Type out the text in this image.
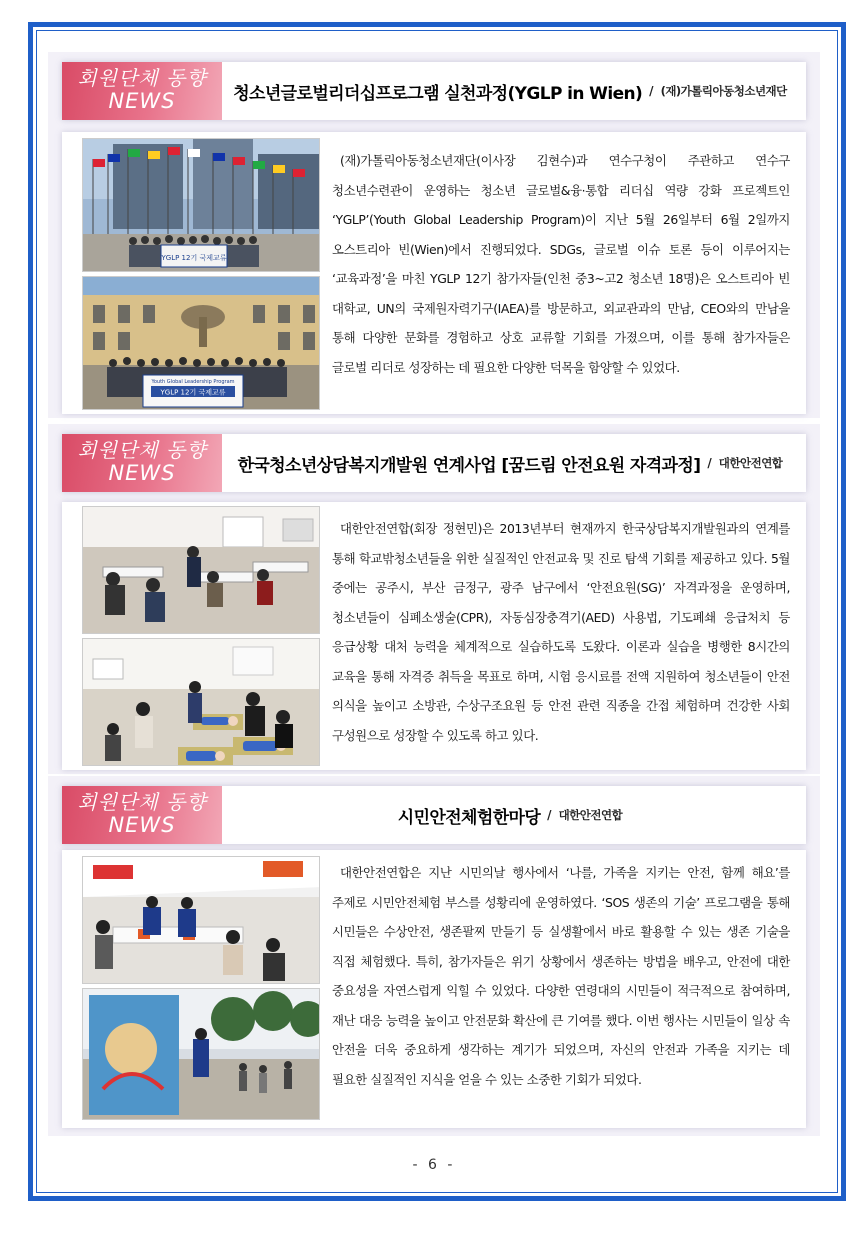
회원단체 동향
NEWS	청소년글로벌리더십프로그램 실천과정(YGLP in Wien) / (재)가톨릭아동청소년재단
YGLP 12기 국제교류
Youth Global Leadership Program
YGLP 12기 국제교류

(재)가톨릭아동청소년재단(이사장 김현수)과 연수구청이 주관하고 연수구 청소년수련관이 운영하는 청소년 글로벌&융·통합 리더십 역량 강화 프로젝트인 ‘YGLP’(Youth Global Leadership Program)이 지난 5월 26일부터 6월 2일까지 오스트리아 빈(Wien)에서 진행되었다. SDGs, 글로벌 이슈 토론 등이 이루어지는 ‘교육과정’을 마친 YGLP 12기 참가자들(인천 중3~고2 청소년 18명)은 오스트리아 빈 대학교, UN의 국제원자력기구(IAEA)를 방문하고, 외교관과의 만남, CEO와의 만남을 통해 다양한 문화를 경험하고 상호 교류할 기회를 가졌으며, 이를 통해 참가자들은 글로벌 리더로 성장하는 데 필요한 다양한 덕목을 함양할 수 있었다.

회원단체 동향
NEWS	한국청소년상담복지개발원 연계사업 [꿈드림 안전요원 자격과정] / 대한안전연합

대한안전연합(회장 정현민)은 2013년부터 현재까지 한국상담복지개발원과의 연계를 통해 학교밖청소년들을 위한 실질적인 안전교육 및 진로 탐색 기회를 제공하고 있다. 5월 중에는 공주시, 부산 금정구, 광주 남구에서 ‘안전요원(SG)’ 자격과정을 운영하며, 청소년들이 심폐소생술(CPR), 자동심장충격기(AED) 사용법, 기도폐쇄 응급처치 등 응급상황 대처 능력을 체계적으로 실습하도록 도왔다. 이론과 실습을 병행한 8시간의 교육을 통해 자격증 취득을 목표로 하며, 시험 응시료를 전액 지원하여 청소년들이 안전 의식을 높이고 소방관, 수상구조요원 등 안전 관련 직종을 간접 체험하며 건강한 사회 구성원으로 성장할 수 있도록 하고 있다.

회원단체 동향
NEWS	시민안전체험한마당 / 대한안전연합

대한안전연합은 지난 시민의날 행사에서 ‘나를, 가족을 지키는 안전, 함께 해요’를 주제로 시민안전체험 부스를 성황리에 운영하였다. ‘SOS 생존의 기술’ 프로그램을 통해 시민들은 수상안전, 생존팔찌 만들기 등 실생활에서 바로 활용할 수 있는 생존 기술을 직접 체험했다. 특히, 참가자들은 위기 상황에서 생존하는 방법을 배우고, 안전에 대한 중요성을 자연스럽게 익힐 수 있었다. 다양한 연령대의 시민들이 적극적으로 참여하며, 재난 대응 능력을 높이고 안전문화 확산에 큰 기여를 했다. 이번 행사는 시민들이 일상 속 안전을 더욱 중요하게 생각하는 계기가 되었으며, 자신의 안전과 가족을 지키는 데 필요한 실질적인 지식을 얻을 수 있는 소중한 기회가 되었다.

- 6 -
